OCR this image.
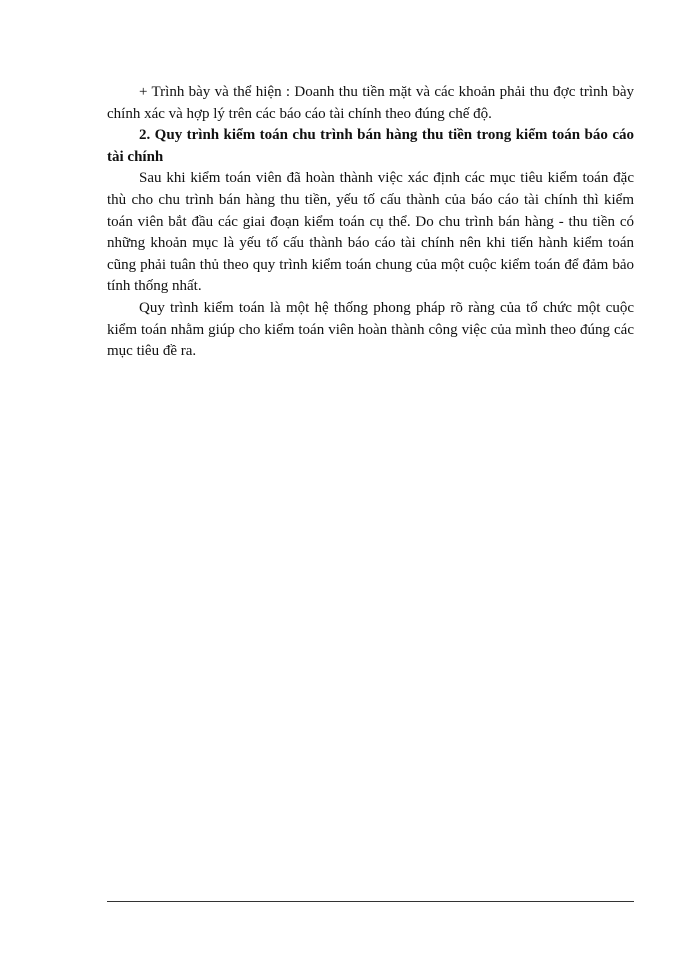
+ Trình bày và thể hiện : Doanh thu tiền mặt và các khoản phải thu đợc trình bày chính xác và hợp lý trên các báo cáo tài chính theo đúng chế độ.

2. Quy trình kiểm toán chu trình bán hàng thu tiền trong kiểm toán báo cáo tài chính

Sau khi kiểm toán viên đã hoàn thành việc xác định các mục tiêu kiểm toán đặc thù cho chu trình bán hàng thu tiền, yếu tố cấu thành của báo cáo tài chính thì kiểm toán viên bắt đầu các giai đoạn kiểm toán cụ thể. Do chu trình bán hàng - thu tiền có những khoản mục là yếu tố cấu thành báo cáo tài chính nên khi tiến hành kiểm toán cũng phải tuân thủ theo quy trình kiểm toán chung của một cuộc kiểm toán để đảm bảo tính thống nhất.

Quy trình kiểm toán là một hệ thống phong pháp rõ ràng của tổ chức một cuộc kiểm toán nhằm giúp cho kiểm toán viên hoàn thành công việc của mình theo đúng các mục tiêu đề ra.
